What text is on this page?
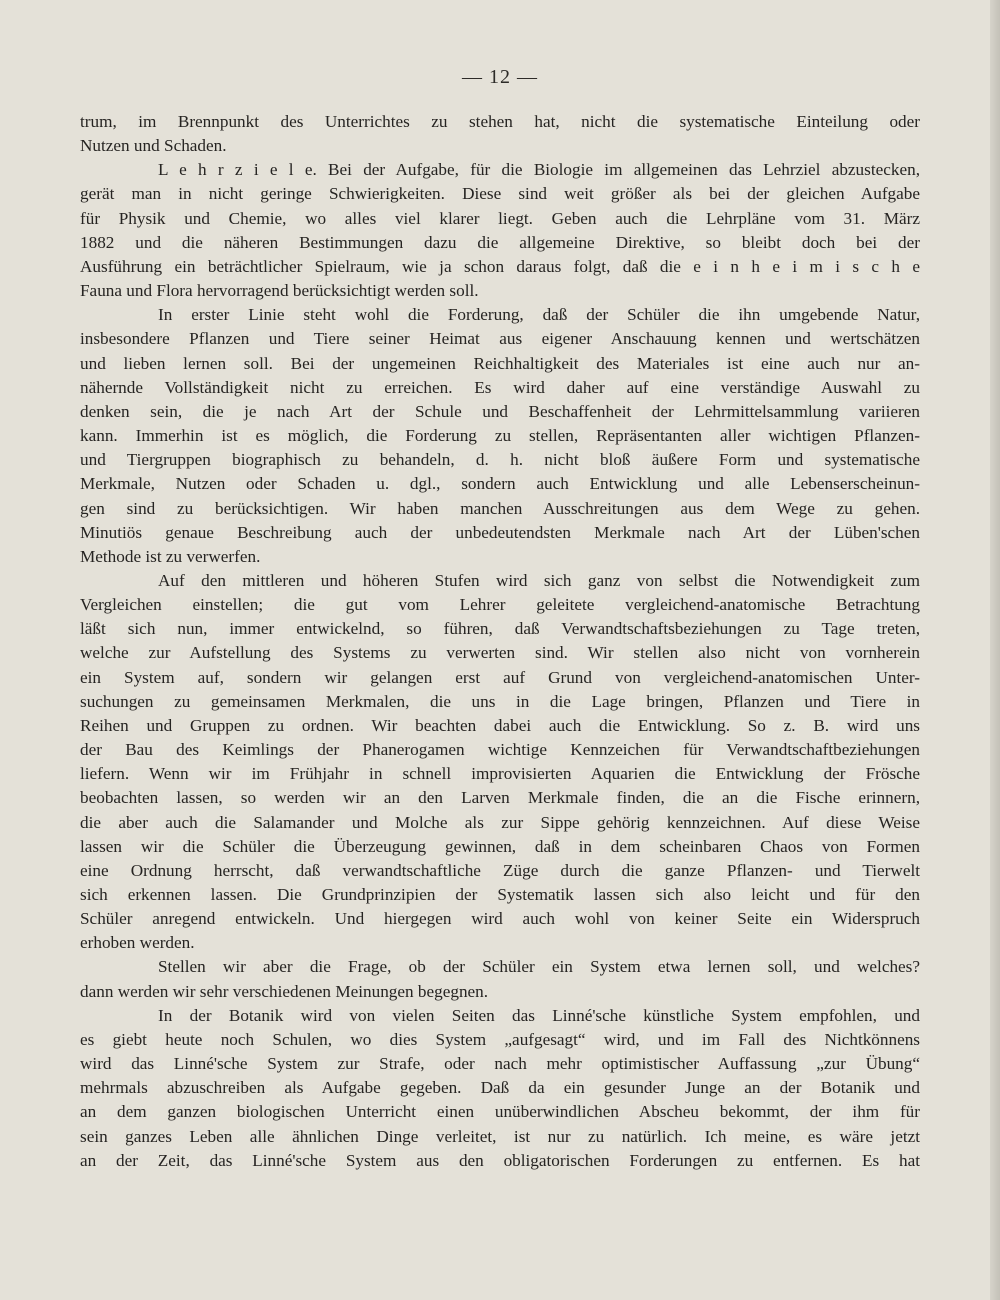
— 12 —
trum, im Brennpunkt des Unterrichtes zu stehen hat, nicht die systematische Einteilung oder
Nutzen und Schaden.
L e h r z i e l e. Bei der Aufgabe, für die Biologie im allgemeinen das Lehrziel abzustecken,
gerät man in nicht geringe Schwierigkeiten. Diese sind weit größer als bei der gleichen Aufgabe
für Physik und Chemie, wo alles viel klarer liegt. Geben auch die Lehrpläne vom 31. März
1882 und die näheren Bestimmungen dazu die allgemeine Direktive, so bleibt doch bei der
Ausführung ein beträchtlicher Spielraum, wie ja schon daraus folgt, daß die e i n h e i m i s c h e
Fauna und Flora hervorragend berücksichtigt werden soll.
In erster Linie steht wohl die Forderung, daß der Schüler die ihn umgebende Natur,
insbesondere Pflanzen und Tiere seiner Heimat aus eigener Anschauung kennen und wertschätzen
und lieben lernen soll. Bei der ungemeinen Reichhaltigkeit des Materiales ist eine auch nur an-
nähernde Vollständigkeit nicht zu erreichen. Es wird daher auf eine verständige Auswahl zu
denken sein, die je nach Art der Schule und Beschaffenheit der Lehrmittelsammlung variieren
kann. Immerhin ist es möglich, die Forderung zu stellen, Repräsentanten aller wichtigen Pflanzen-
und Tiergruppen biographisch zu behandeln, d. h. nicht bloß äußere Form und systematische
Merkmale, Nutzen oder Schaden u. dgl., sondern auch Entwicklung und alle Lebenserscheinun-
gen sind zu berücksichtigen. Wir haben manchen Ausschreitungen aus dem Wege zu gehen.
Minutiös genaue Beschreibung auch der unbedeutendsten Merkmale nach Art der Lüben'schen
Methode ist zu verwerfen.
Auf den mittleren und höheren Stufen wird sich ganz von selbst die Notwendigkeit zum
Vergleichen einstellen; die gut vom Lehrer geleitete vergleichend-anatomische Betrachtung
läßt sich nun, immer entwickelnd, so führen, daß Verwandtschaftsbeziehungen zu Tage treten,
welche zur Aufstellung des Systems zu verwerten sind. Wir stellen also nicht von vornherein
ein System auf, sondern wir gelangen erst auf Grund von vergleichend-anatomischen Unter-
suchungen zu gemeinsamen Merkmalen, die uns in die Lage bringen, Pflanzen und Tiere in
Reihen und Gruppen zu ordnen. Wir beachten dabei auch die Entwicklung. So z. B. wird uns
der Bau des Keimlings der Phanerogamen wichtige Kennzeichen für Verwandtschaftbeziehungen
liefern. Wenn wir im Frühjahr in schnell improvisierten Aquarien die Entwicklung der Frösche
beobachten lassen, so werden wir an den Larven Merkmale finden, die an die Fische erinnern,
die aber auch die Salamander und Molche als zur Sippe gehörig kennzeichnen. Auf diese Weise
lassen wir die Schüler die Überzeugung gewinnen, daß in dem scheinbaren Chaos von Formen
eine Ordnung herrscht, daß verwandtschaftliche Züge durch die ganze Pflanzen- und Tierwelt
sich erkennen lassen. Die Grundprinzipien der Systematik lassen sich also leicht und für den
Schüler anregend entwickeln. Und hiergegen wird auch wohl von keiner Seite ein Widerspruch
erhoben werden.
Stellen wir aber die Frage, ob der Schüler ein System etwa lernen soll, und welches?
dann werden wir sehr verschiedenen Meinungen begegnen.
In der Botanik wird von vielen Seiten das Linné'sche künstliche System empfohlen, und
es giebt heute noch Schulen, wo dies System „aufgesagt“ wird, und im Fall des Nichtkönnens
wird das Linné'sche System zur Strafe, oder nach mehr optimistischer Auffassung „zur Übung“
mehrmals abzuschreiben als Aufgabe gegeben. Daß da ein gesunder Junge an der Botanik und
an dem ganzen biologischen Unterricht einen unüberwindlichen Abscheu bekommt, der ihm für
sein ganzes Leben alle ähnlichen Dinge verleitet, ist nur zu natürlich. Ich meine, es wäre jetzt
an der Zeit, das Linné'sche System aus den obligatorischen Forderungen zu entfernen. Es hat
